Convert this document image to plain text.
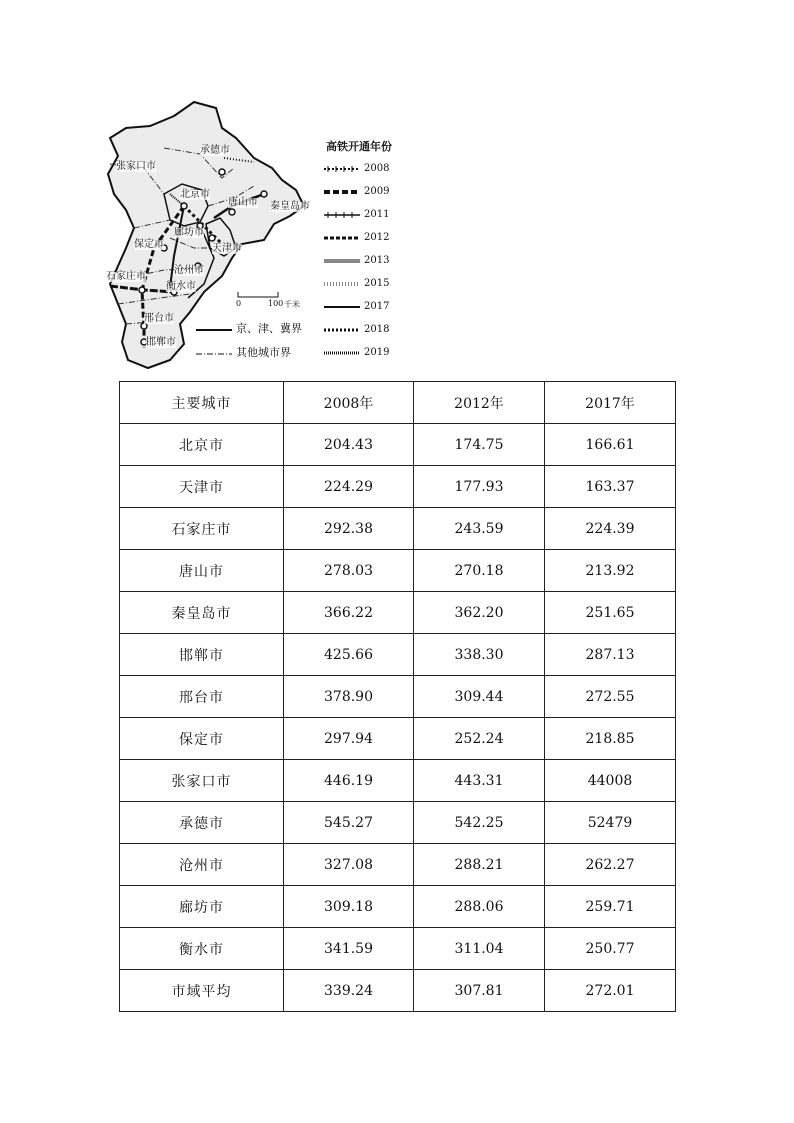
张家口市
承德市
北京市
唐山市 秦皇岛市
廊坊市
保定市	天津市
沧州市
石家庄市
衡水市
邢台市
邯郸市
0	100 千米
京、津、冀界
其他城市界
高铁开通年份
2008
2009
2011
2012
2013
2015
2017
2018
2019
主要城市	2008年	2012年	2017年
北京市	204.43	174.75	166.61
天津市	224.29	177.93	163.37
石家庄市	292.38	243.59	224.39
唐山市	278.03	270.18	213.92
秦皇岛市	366.22	362.20	251.65
邯郸市	425.66	338.30	287.13
邢台市	378.90	309.44	272.55
保定市	297.94	252.24	218.85
张家口市	446.19	443.31	44008
承德市	545.27	542.25	52479
沧州市	327.08	288.21	262.27
廊坊市	309.18	288.06	259.71
衡水市	341.59	311.04	250.77
市域平均	339.24	307.81	272.01
